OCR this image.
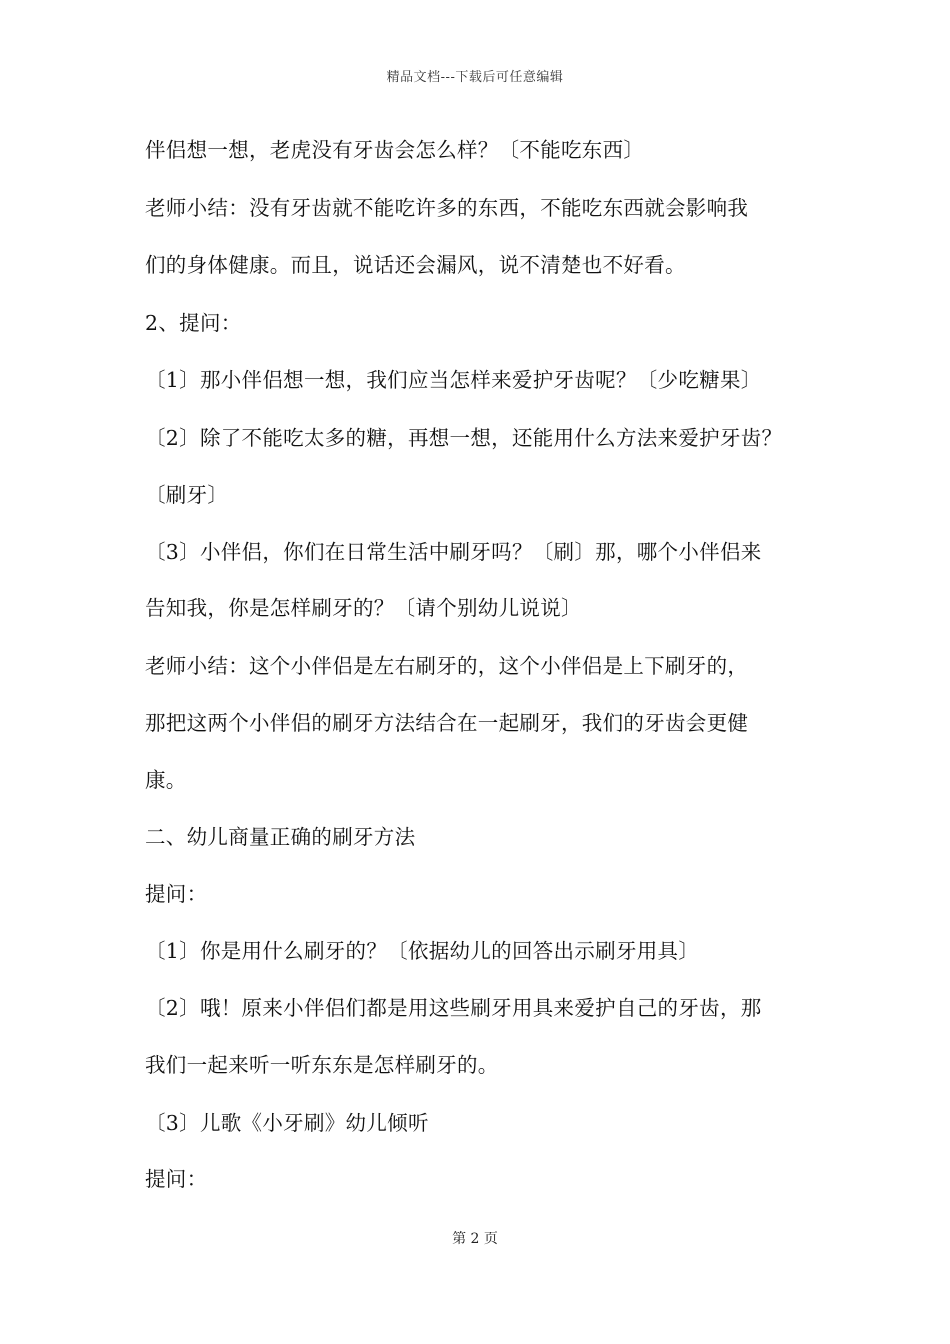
精品文档---下载后可任意编辑
伴侣想一想，老虎没有牙齿会怎么样？〔不能吃东西〕
老师小结：没有牙齿就不能吃许多的东西，不能吃东西就会影响我
们的身体健康。而且，说话还会漏风，说不清楚也不好看。
2、提问：
〔1〕那小伴侣想一想，我们应当怎样来爱护牙齿呢？〔少吃糖果〕
〔2〕除了不能吃太多的糖，再想一想，还能用什么方法来爱护牙齿？
〔刷牙〕
〔3〕小伴侣，你们在日常生活中刷牙吗？〔刷〕那，哪个小伴侣来
告知我，你是怎样刷牙的？〔请个别幼儿说说〕
老师小结：这个小伴侣是左右刷牙的，这个小伴侣是上下刷牙的，
那把这两个小伴侣的刷牙方法结合在一起刷牙，我们的牙齿会更健
康。
二、幼儿商量正确的刷牙方法
提问：
〔1〕你是用什么刷牙的？〔依据幼儿的回答出示刷牙用具〕
〔2〕哦！原来小伴侣们都是用这些刷牙用具来爱护自己的牙齿，那
我们一起来听一听东东是怎样刷牙的。
〔3〕儿歌《小牙刷》幼儿倾听
提问：
第 2 页
